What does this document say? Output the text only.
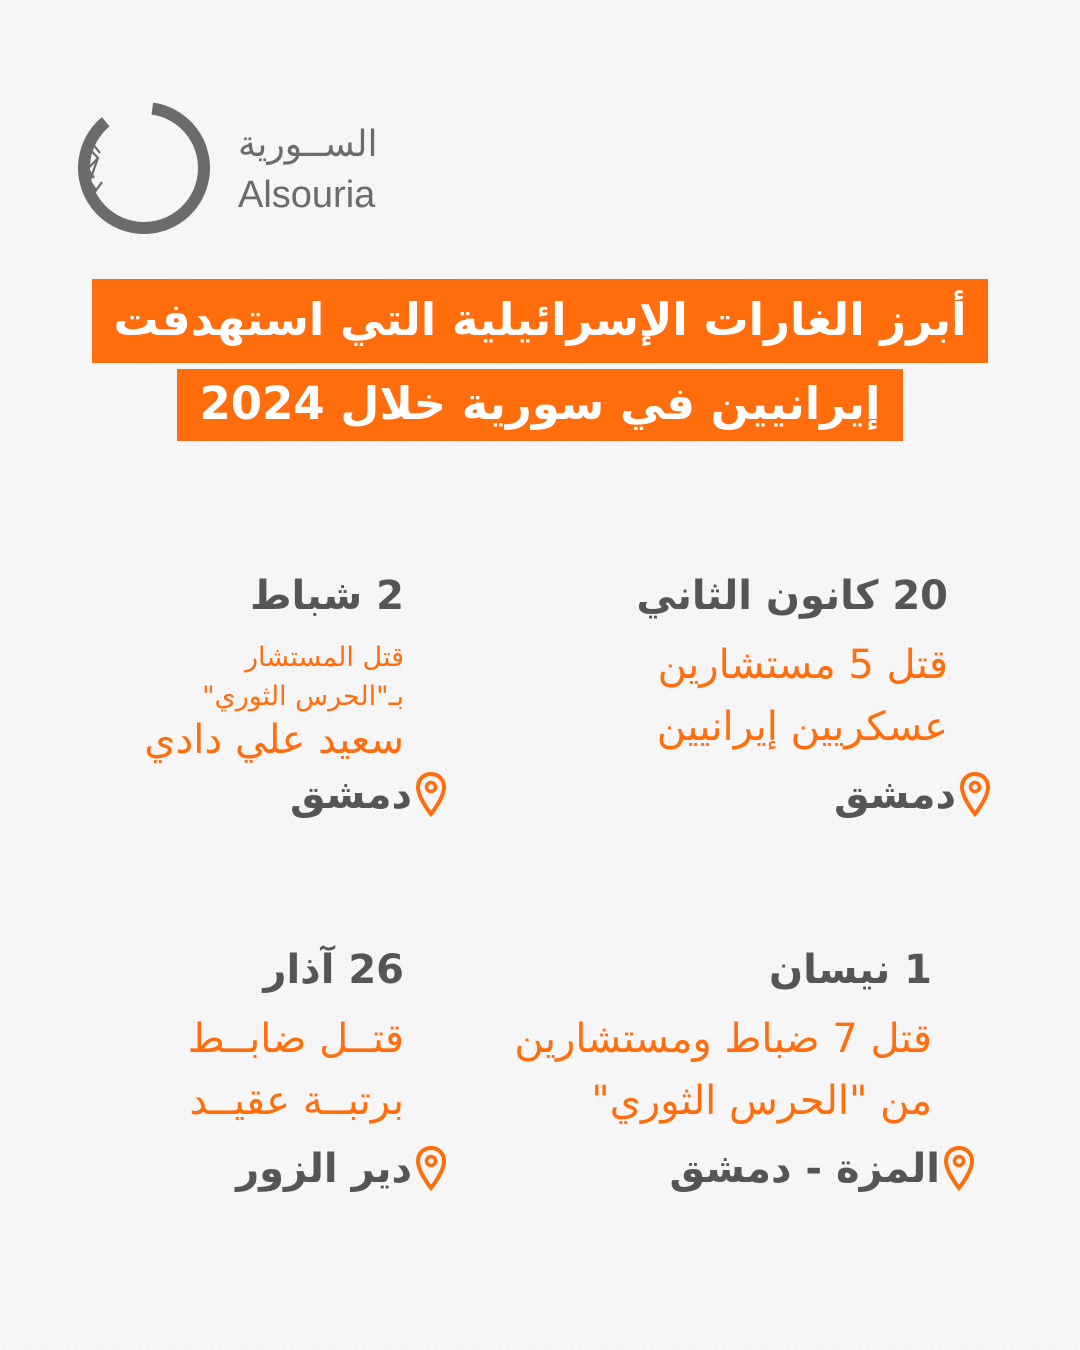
الســورية
Alsouria
أبرز الغارات الإسرائيلية التي استهدفت
إيرانيين في سورية خلال 2024
20 كانون الثاني
قتل 5 مستشارين
عسكريين إيرانيين
دمشق
2 شباط
قتل المستشار
بـ"الحرس الثوري"
سعيد علي دادي
دمشق
1 نيسان
قتل 7 ضباط ومستشارين
من "الحرس الثوري"
المزة - دمشق
26 آذار
قتــل ضابــط
برتبــة عقيــد
دير الزور
